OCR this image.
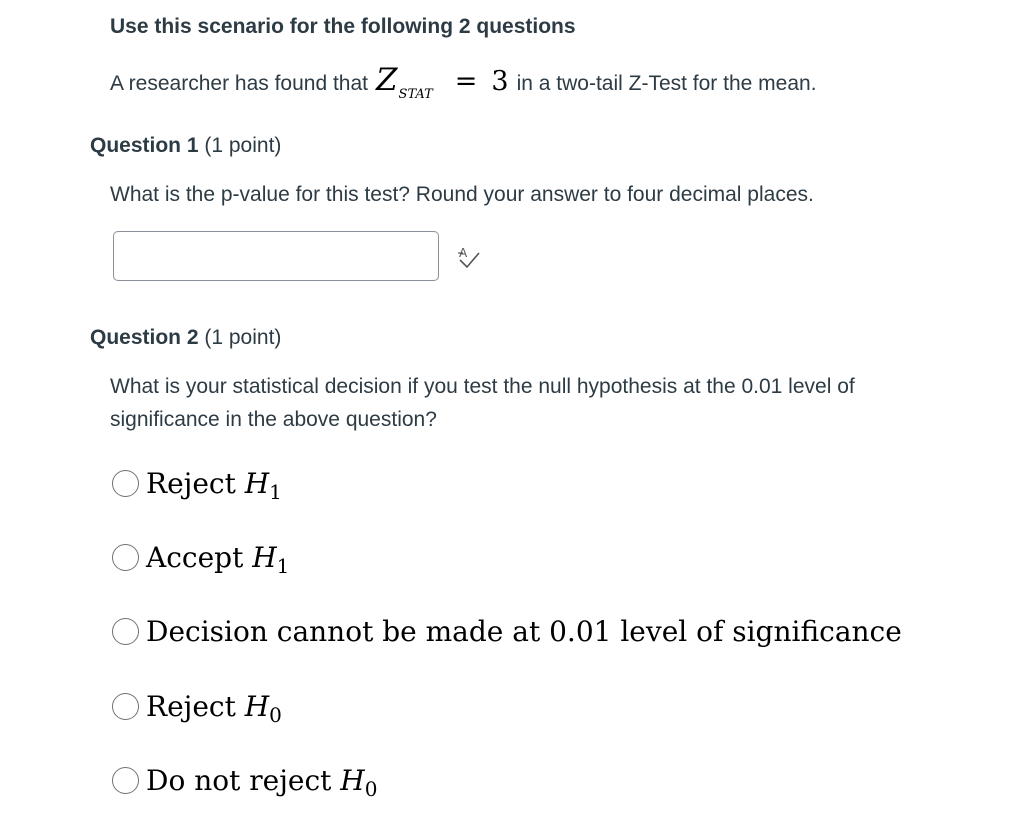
Use this scenario for the following 2 questions
A researcher has found that Z STAT = 3 in a two-tail Z-Test for the mean.
Question 1 (1 point)
What is the p-value for this test? Round your answer to four decimal places.
A
Question 2 (1 point)
What is your statistical decision if you test the null hypothesis at the 0.01 level of significance in the above question?
Reject $H_1$
Accept $H_1$
Decision cannot be made at 0.01 level of significance
Reject $H_0$
Do not reject $H_0$
